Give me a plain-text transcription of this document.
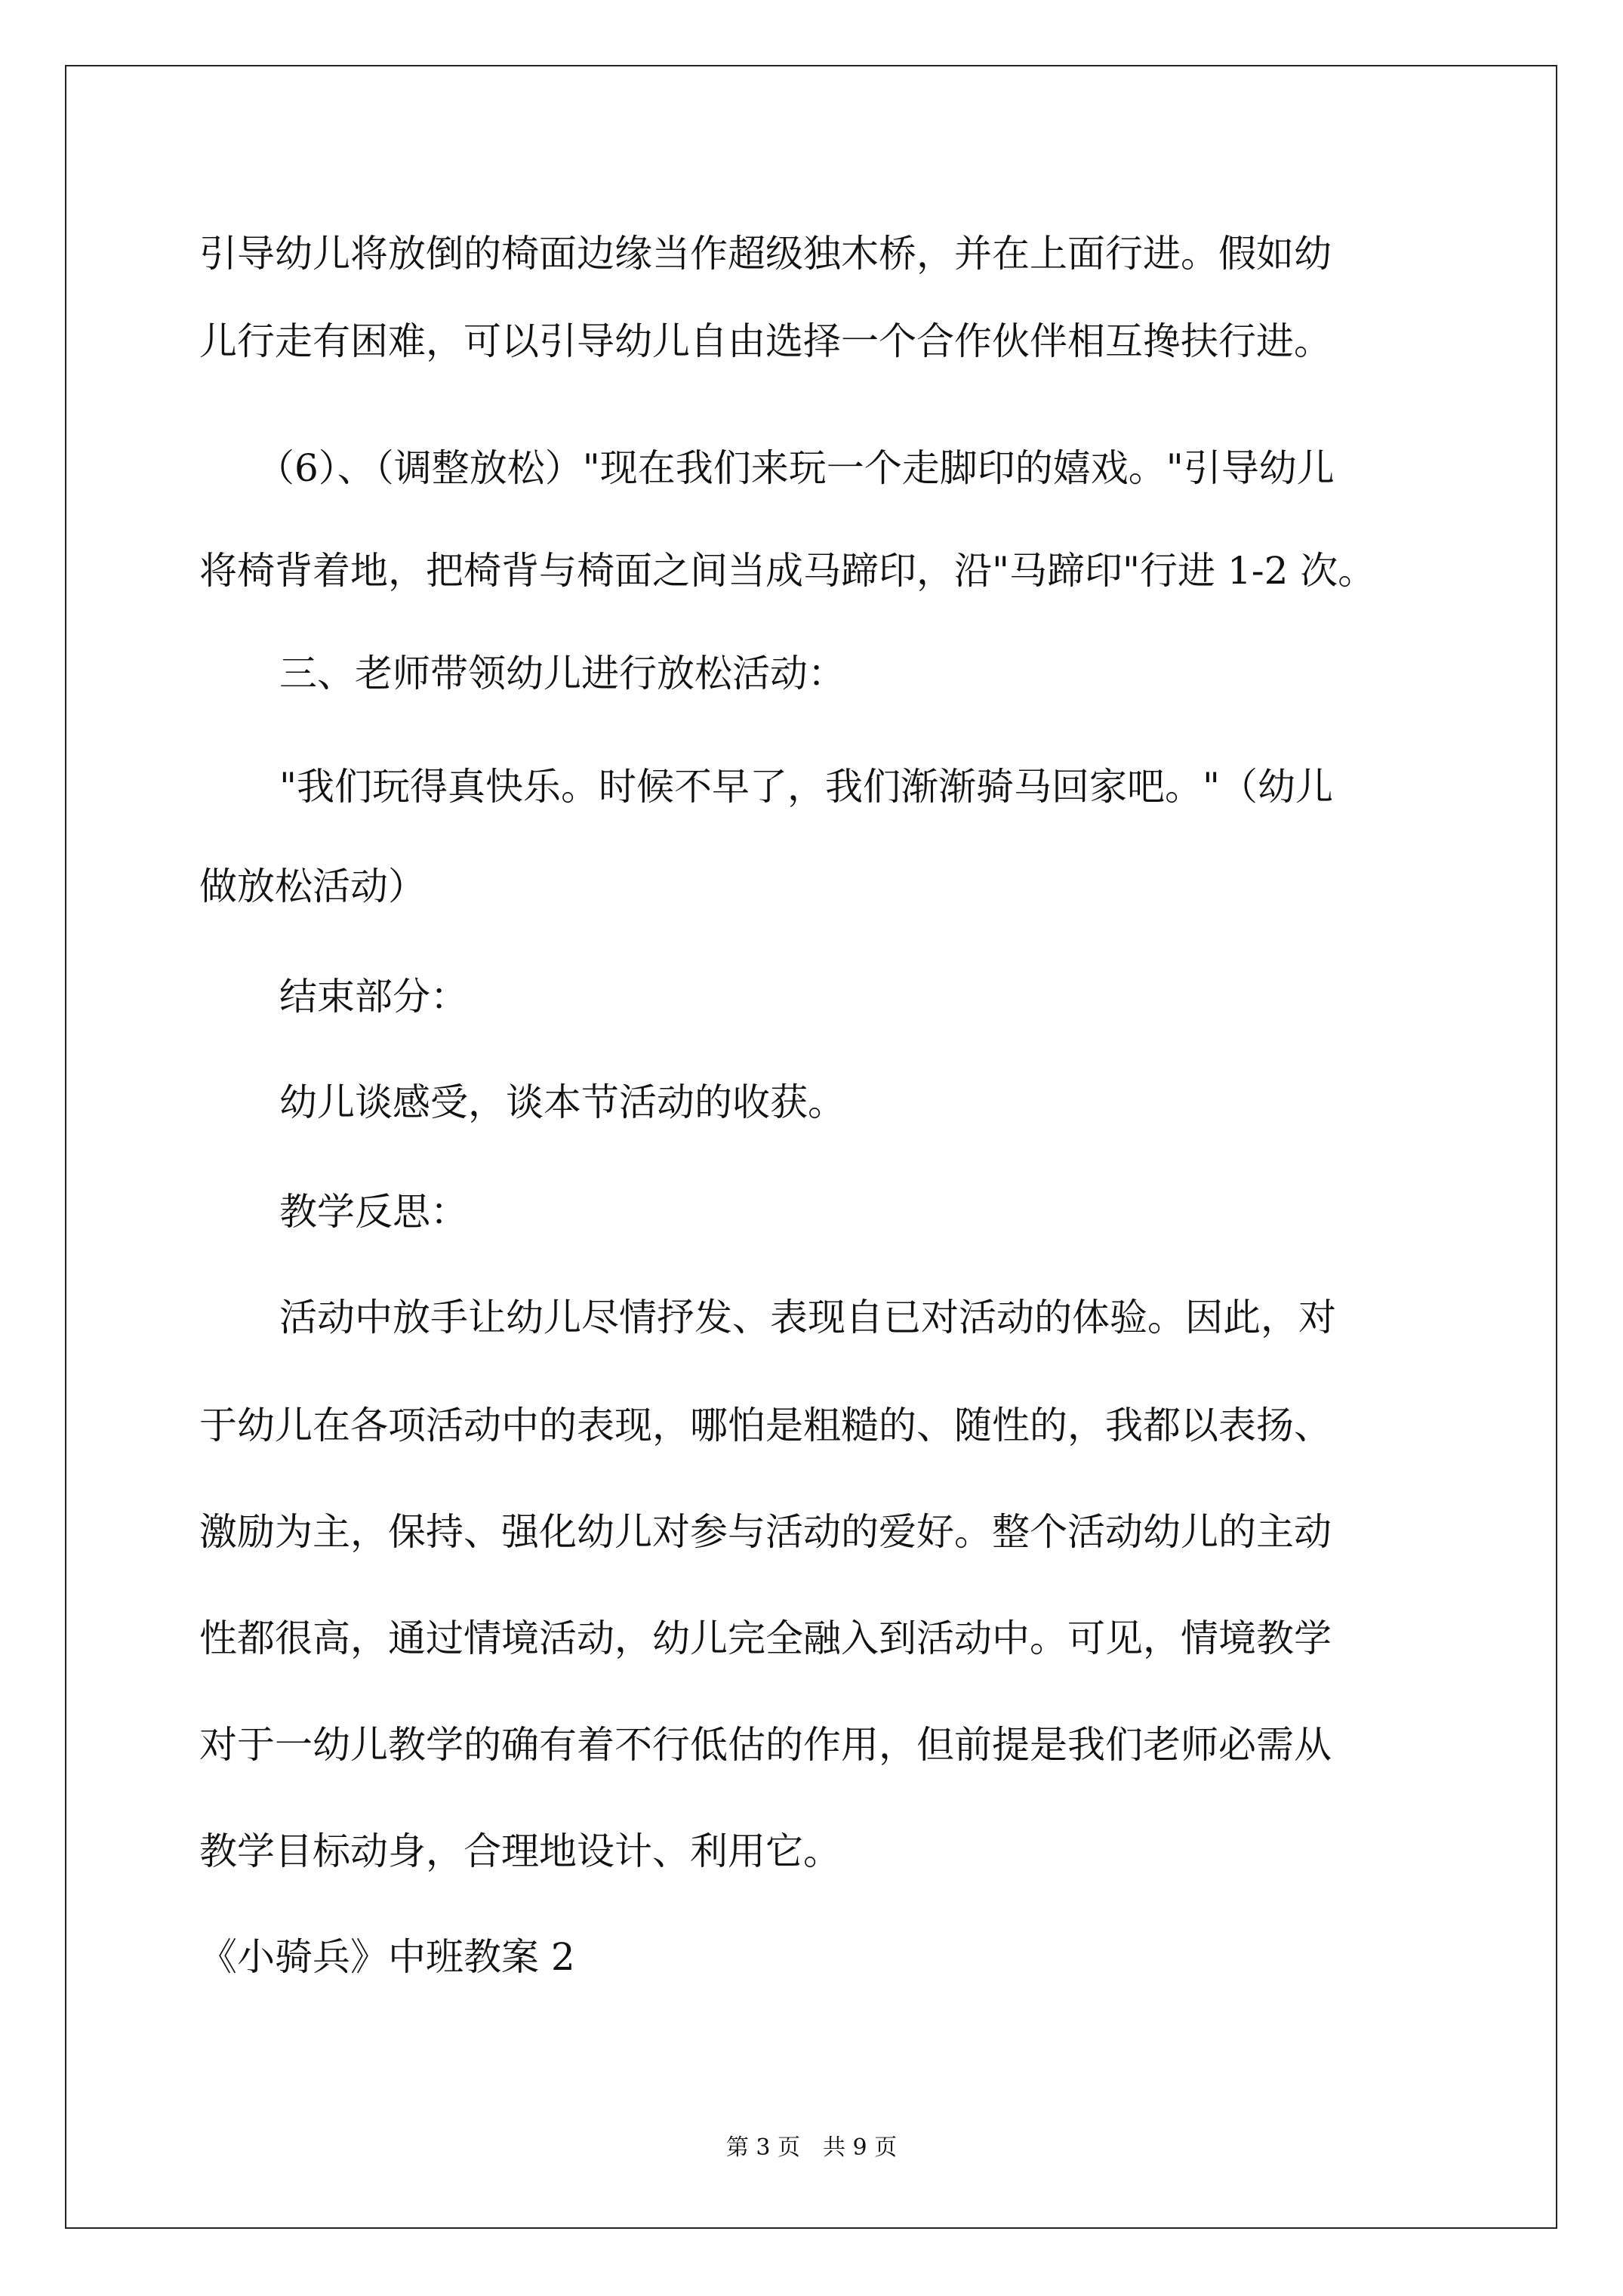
引导幼儿将放倒的椅面边缘当作超级独木桥，并在上面行进。假如幼
儿行走有困难，可以引导幼儿自由选择一个合作伙伴相互搀扶行进。
（6）、（调整放松）"现在我们来玩一个走脚印的嬉戏。"引导幼儿
将椅背着地，把椅背与椅面之间当成马蹄印，沿"马蹄印"行进 1-2 次。
三、老师带领幼儿进行放松活动：
"我们玩得真快乐。时候不早了，我们渐渐骑马回家吧。"（幼儿
做放松活动）
结束部分：
幼儿谈感受，谈本节活动的收获。
教学反思：
活动中放手让幼儿尽情抒发、表现自已对活动的体验。因此，对
于幼儿在各项活动中的表现，哪怕是粗糙的、随性的，我都以表扬、
激励为主，保持、强化幼儿对参与活动的爱好。整个活动幼儿的主动
性都很高，通过情境活动，幼儿完全融入到活动中。可见，情境教学
对于一幼儿教学的确有着不行低估的作用，但前提是我们老师必需从
教学目标动身，合理地设计、利用它。
《小骑兵》中班教案 2
第 3 页　共 9 页
